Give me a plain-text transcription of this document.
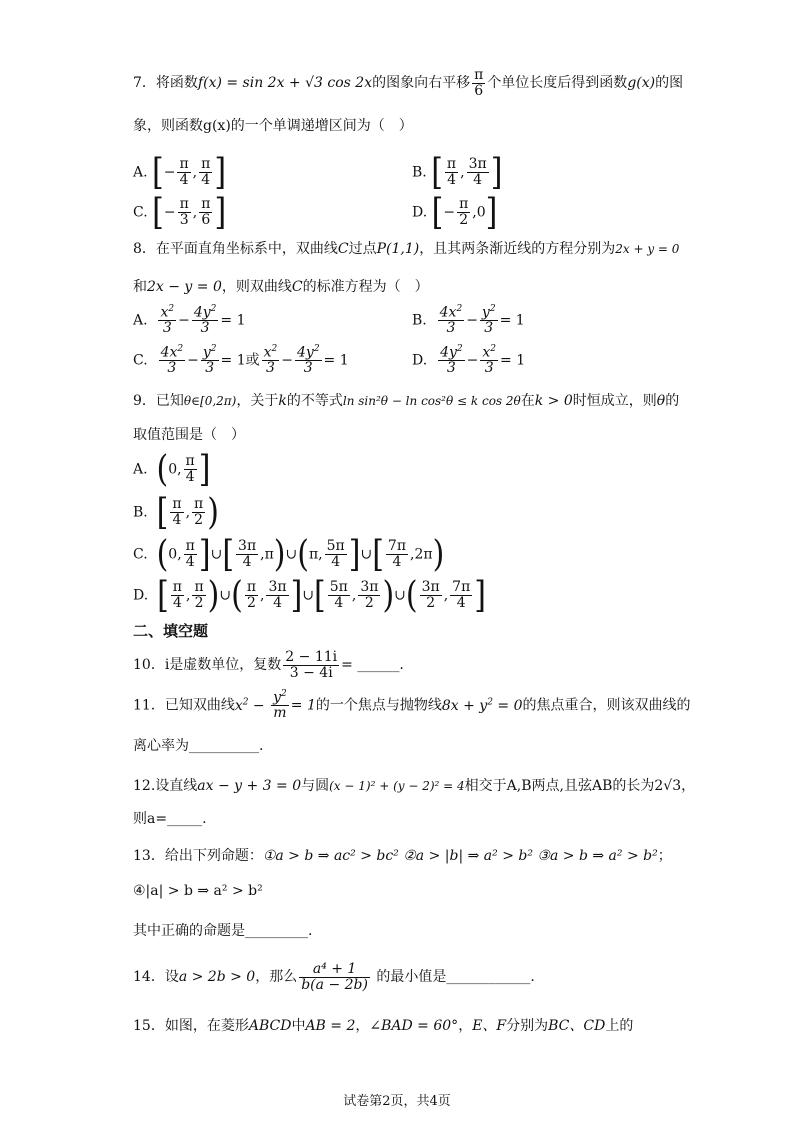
7．将函数f(x) = sin 2x + √3 cos 2x的图象向右平移 $\frac{\pi}{6}$ 个单位长度后得到函数g(x)的图
象，则函数g(x)的一个单调递增区间为（　）
A. [− $\frac{\pi}{4}$ , $\frac{\pi}{4}$ ]	B. [ $\frac{\pi}{4}$ , $\frac{3\pi}{4}$ ]
C. [− $\frac{\pi}{3}$ , $\frac{\pi}{6}$ ]	D. [− $\frac{\pi}{2} ,0$]
8．在平面直角坐标系中，双曲线C过点P(1,1)，且其两条渐近线的方程分别为2x + y = 0
和2x − y = 0，则双曲线C的标准方程为（　）
A. $\frac{x^2}{3} - \frac{4y^2}{3} = 1$	B. $\frac{4x^2}{3} - \frac{y^2}{3} = 1$
C. $\frac{4x^2}{3} - \frac{y^2}{3} = 1$或 $\frac{x^2}{3} - \frac{4y^2}{3} = 1$	D. $\frac{4y^2}{3} - \frac{x^2}{3} = 1$
9．已知θ∈[0,2π)，关于k的不等式ln sin²θ − ln cos²θ ≤ k cos 2θ在k > 0时恒成立，则θ的
取值范围是（　）
A.  (0, $\frac{\pi}{4}$ ]
B.  [ $\frac{\pi}{4}$ , $\frac{\pi}{2}$ )
C.  (0, $\frac{\pi}{4}$ ]∪[ $\frac{3\pi}{4}$ ,π)∪(π, $\frac{5\pi}{4}$ ]∪[ $\frac{7\pi}{4} ,2\pi$)
D.  [ $\frac{\pi}{4}$ , $\frac{\pi}{2}$ )∪( $\frac{\pi}{2}$ , $\frac{3\pi}{4}$ ]∪[ $\frac{5\pi}{4}$ , $\frac{3\pi}{2}$ )∪( $\frac{3\pi}{2}$ , $\frac{7\pi}{4}$ ]
二、填空题
10．i是虚数单位，复数 $\frac{2 - 11i}{3 - 4i}$ = ______.
11．已知双曲线$x^2 - \frac{y^2}{m} = 1$的一个焦点与抛物线$8x + y^2 = 0$的焦点重合，则该双曲线的
离心率为__________.
12.设直线ax − y + 3 = 0与圆(x − 1)² + (y − 2)² = 4相交于A,B两点,且弦AB的长为2√3，
则a=_____.
13．给出下列命题：①a > b ⇒ ac² > bc² ②a > |b| ⇒ a² > b² ③a > b ⇒ a² > b²；
④|a| > b ⇒ a² > b²
其中正确的命题是_________.
14．设a > 2b > 0，那么 $\frac{\text{a⁴ + 1}}{b(a - 2b)}$ 的最小值是____________.
15．如图，在菱形ABCD中AB = 2，∠BAD = 60°，E、F分别为BC、CD上的
试卷第2页，共4页
